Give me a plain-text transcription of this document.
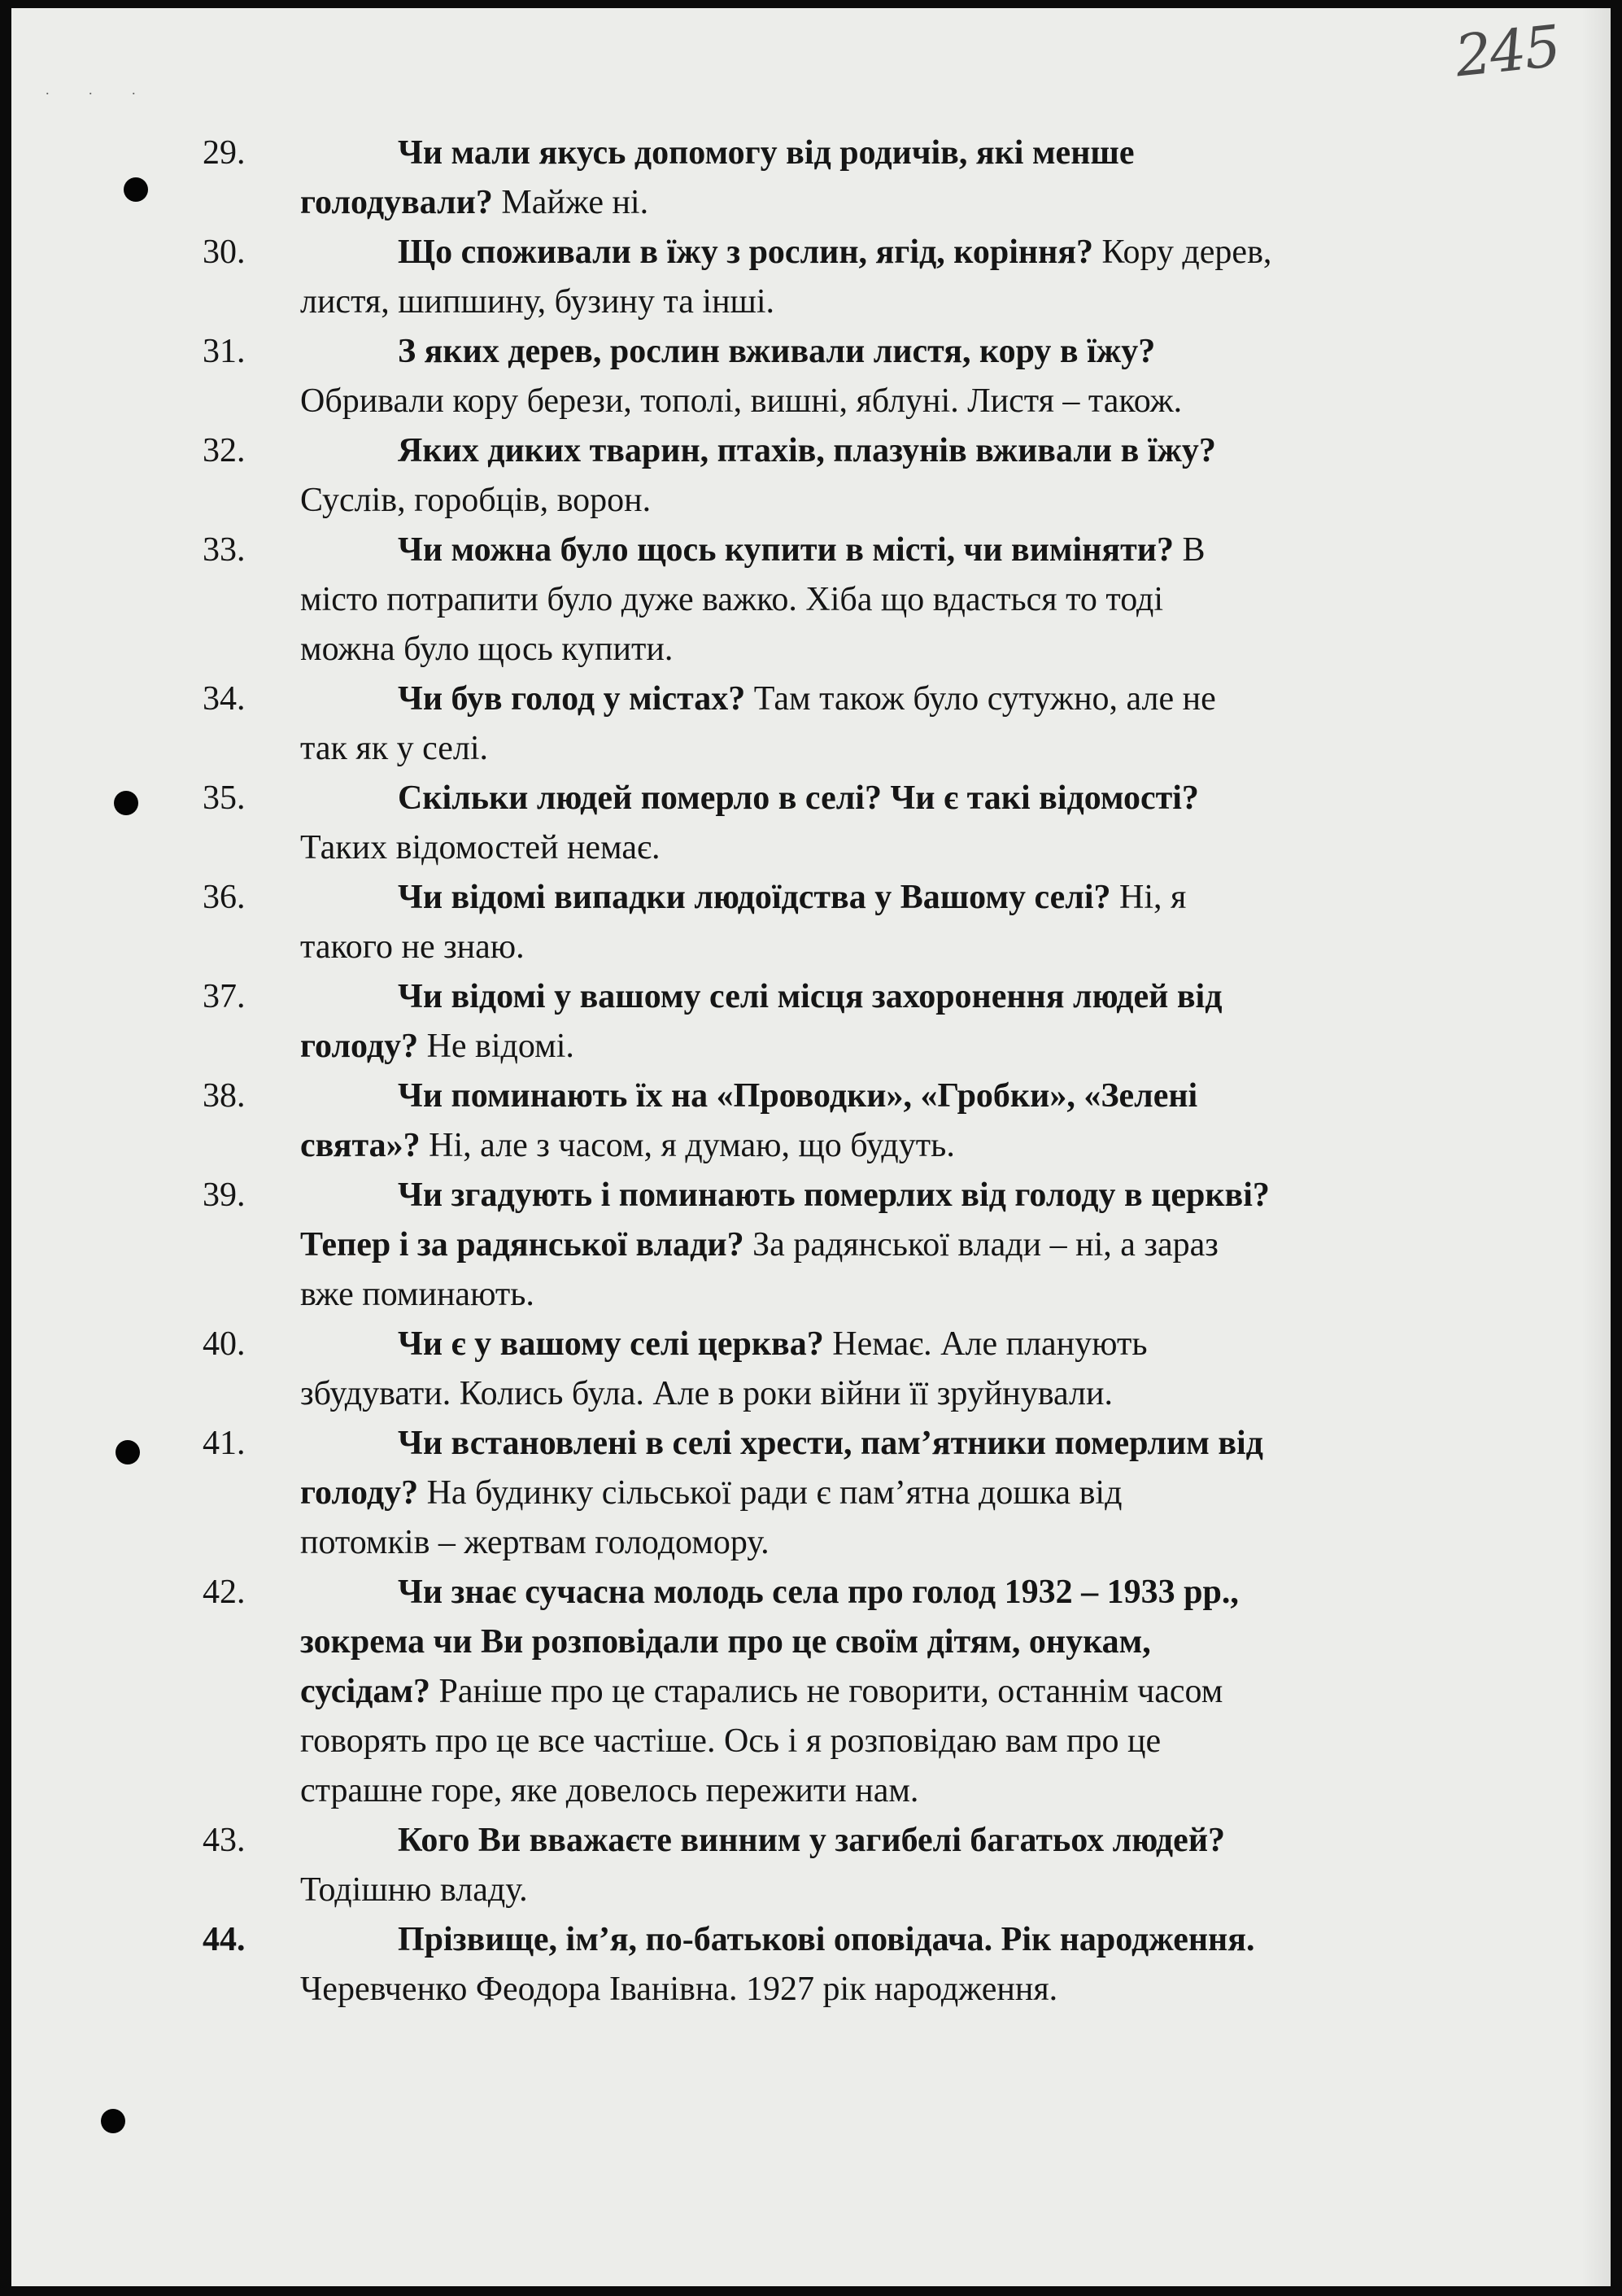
245
. . .
29.	Чи мали якусь допомогу від родичів, які менше
голодували? Майже ні.
30.	Що споживали в їжу з рослин, ягід, коріння? Кору дерев,
листя, шипшину, бузину та інші.
31.	З яких дерев, рослин вживали листя, кору в їжу?
Обривали кору берези, тополі, вишні, яблуні. Листя – також.
32.	Яких диких тварин, птахів, плазунів вживали в їжу?
Суслів, горобців, ворон.
33.	Чи можна було щось купити в місті, чи виміняти? В
місто потрапити було дуже важко. Хіба що вдасться то тоді
можна було щось купити.
34.	Чи був голод у містах? Там також було сутужно, але не
так як у селі.
35.	Скільки людей померло в селі? Чи є такі відомості?
Таких відомостей немає.
36.	Чи відомі випадки людоїдства у Вашому селі? Ні, я
такого не знаю.
37.	Чи відомі у вашому селі місця захоронення людей від
голоду? Не відомі.
38.	Чи поминають їх на «Проводки», «Гробки», «Зелені
свята»? Ні, але з часом, я думаю, що будуть.
39.	Чи згадують і поминають померлих від голоду в церкві?
Тепер і за радянської влади? За радянської влади – ні, а зараз
вже поминають.
40.	Чи є у вашому селі церква? Немає. Але планують
збудувати. Колись була. Але в роки війни її зруйнували.
41.	Чи встановлені в селі хрести, пам’ятники померлим від
голоду? На будинку сільської ради є пам’ятна дошка від
потомків – жертвам голодомору.
42.	Чи знає сучасна молодь села про голод 1932 – 1933 рр.,
зокрема чи Ви розповідали про це своїм дітям, онукам,
сусідам? Раніше про це старались не говорити, останнім часом
говорять про це все частіше. Ось і я розповідаю вам про це
страшне горе, яке довелось пережити нам.
43.	Кого Ви вважаєте винним у загибелі багатьох людей?
Тодішню владу.
44.	Прізвище, ім’я, по-батькові оповідача. Рік народження.
Черевченко Феодора Іванівна. 1927 рік народження.
